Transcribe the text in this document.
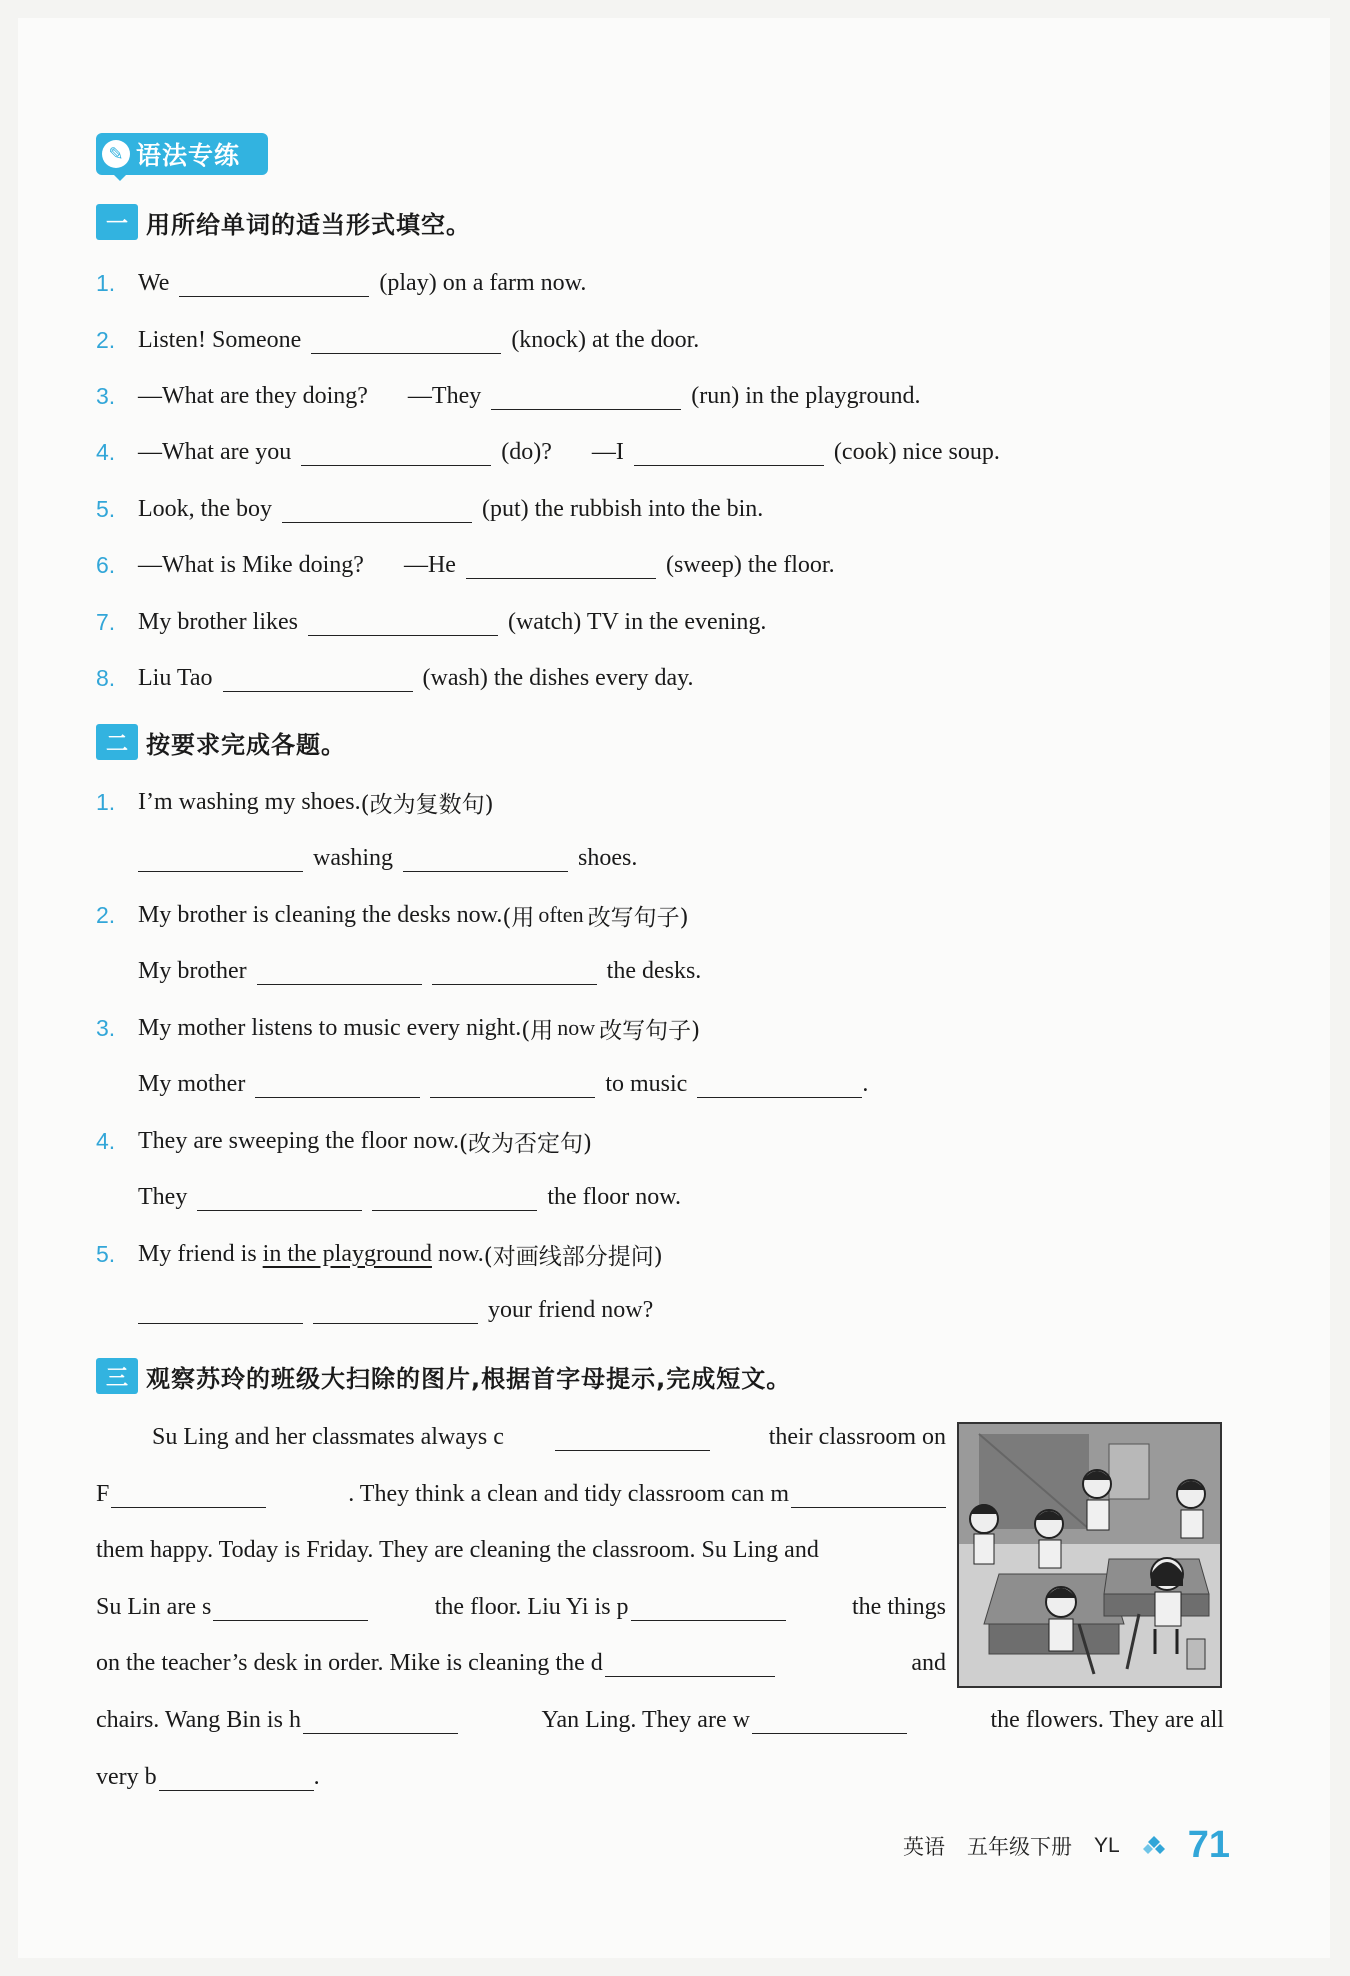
✎ 语法专练
一 用所给单词的适当形式填空。
1. We	(play) on a farm now.
2. Listen! Someone	(knock) at the door.
3. —What are they doing? —They	(run) in the playground.
4. —What are you	(do)? —I	(cook) nice soup.
5. Look, the boy	(put) the rubbish into the bin.
6. —What is Mike doing? —He	(sweep) the floor.
7. My brother likes	(watch) TV in the evening.
8. Liu Tao	(wash) the dishes every day.
二 按要求完成各题。
1. I’m washing my shoes. (改为复数句)
washing	shoes.
2. My brother is cleaning the desks now. (用 often 改写句子)
My brother	the desks.
3. My mother listens to music every night. (用 now 改写句子)
My mother	to music	.
4. They are sweeping the floor now. (改为否定句)
They	the floor now.
5. My friend is
in the playground
now. (对画线部分提问)
your friend now?
三 观察苏玲的班级大扫除的图片,根据首字母提示,完成短文。
Su Ling and her classmates always c	their classroom on
F	. They think a clean and tidy classroom can m
them happy. Today is Friday. They are cleaning the classroom. Su Ling and
Su Lin are s	the floor. Liu Yi is p	the things
on the teacher’s desk in order. Mike is cleaning the d	and
chairs. Wang Bin is h	Yan Ling. They are w	the flowers. They are all
very b	.
英语 五年级下册 YL 71
